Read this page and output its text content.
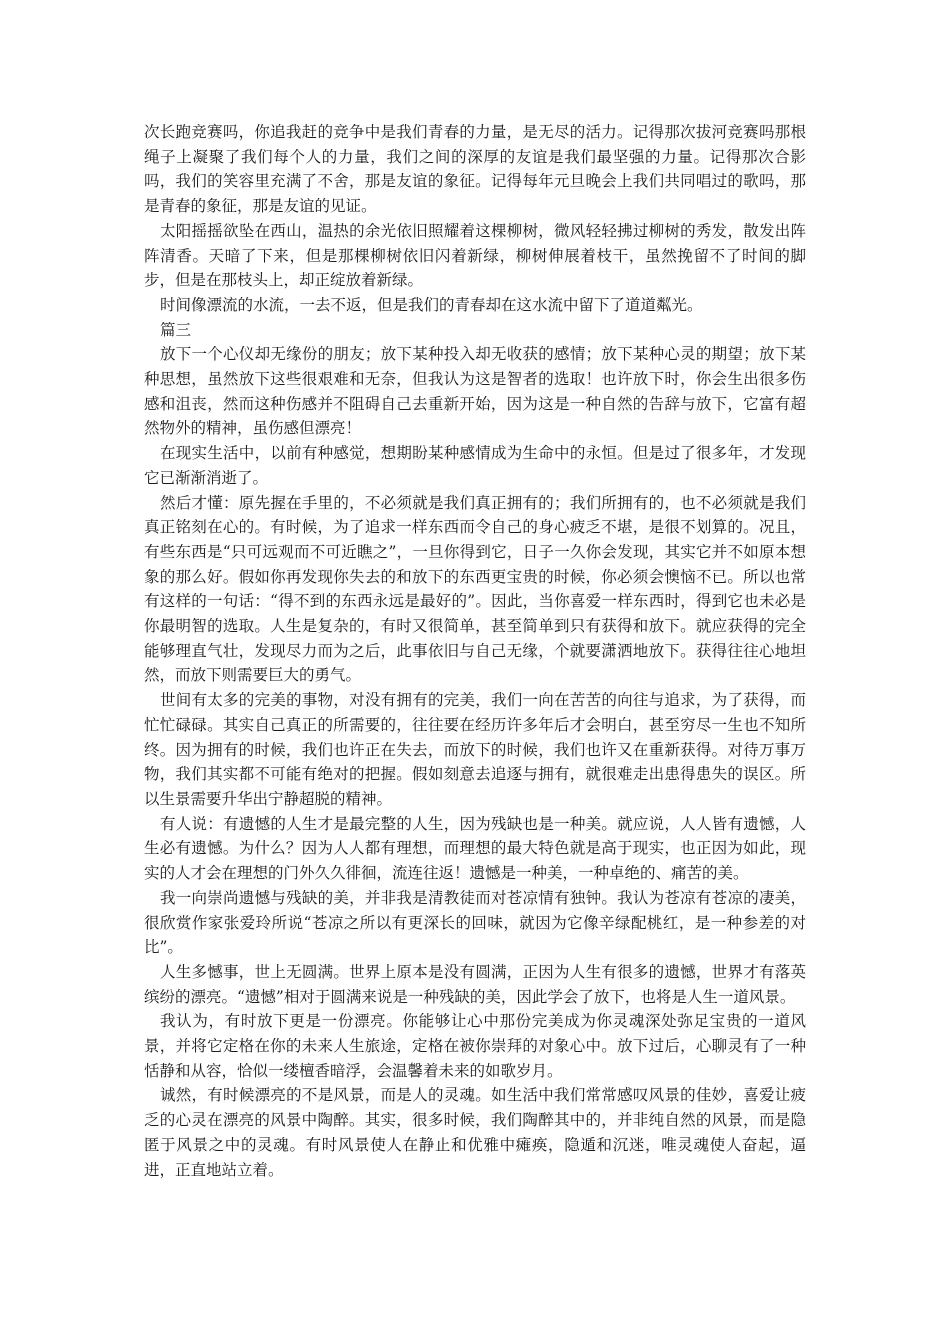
次长跑竞赛吗，你追我赶的竞争中是我们青春的力量，是无尽的活力。记得那次拔河竞赛吗那根绳子上凝聚了我们每个人的力量，我们之间的深厚的友谊是我们最坚强的力量。记得那次合影吗，我们的笑容里充满了不舍，那是友谊的象征。记得每年元旦晚会上我们共同唱过的歌吗，那是青春的象征，那是友谊的见证。

太阳摇摇欲坠在西山，温热的余光依旧照耀着这棵柳树，微风轻轻拂过柳树的秀发，散发出阵阵清香。天暗了下来，但是那棵柳树依旧闪着新绿，柳树伸展着枝干，虽然挽留不了时间的脚步，但是在那枝头上，却正绽放着新绿。

时间像漂流的水流，一去不返，但是我们的青春却在这水流中留下了道道粼光。

篇三

放下一个心仪却无缘份的朋友；放下某种投入却无收获的感情；放下某种心灵的期望；放下某种思想，虽然放下这些很艰难和无奈，但我认为这是智者的选取！也许放下时，你会生出很多伤感和沮丧，然而这种伤感并不阻碍自己去重新开始，因为这是一种自然的告辞与放下，它富有超然物外的精神，虽伤感但漂亮！

在现实生活中，以前有种感觉，想期盼某种感情成为生命中的永恒。但是过了很多年，才发现它已渐渐消逝了。

然后才懂：原先握在手里的，不必须就是我们真正拥有的；我们所拥有的，也不必须就是我们真正铭刻在心的。有时候，为了追求一样东西而令自己的身心疲乏不堪，是很不划算的。况且，有些东西是“只可远观而不可近瞧之”，一旦你得到它，日子一久你会发现，其实它并不如原本想象的那么好。假如你再发现你失去的和放下的东西更宝贵的时候，你必须会懊恼不已。所以也常有这样的一句话：“得不到的东西永远是最好的”。因此，当你喜爱一样东西时，得到它也未必是你最明智的选取。人生是复杂的，有时又很简单，甚至简单到只有获得和放下。就应获得的完全能够理直气壮，发现尽力而为之后，此事依旧与自己无缘，个就要潇洒地放下。获得往往心地坦然，而放下则需要巨大的勇气。

世间有太多的完美的事物，对没有拥有的完美，我们一向在苦苦的向往与追求，为了获得，而忙忙碌碌。其实自己真正的所需要的，往往要在经历许多年后才会明白，甚至穷尽一生也不知所终。因为拥有的时候，我们也许正在失去，而放下的时候，我们也许又在重新获得。对待万事万物，我们其实都不可能有绝对的把握。假如刻意去追逐与拥有，就很难走出患得患失的误区。所以生景需要升华出宁静超脱的精神。

有人说：有遗憾的人生才是最完整的人生，因为残缺也是一种美。就应说，人人皆有遗憾，人生必有遗憾。为什么？因为人人都有理想，而理想的最大特色就是高于现实，也正因为如此，现实的人才会在理想的门外久久徘徊，流连往返！遗憾是一种美，一种卓绝的、痛苦的美。

我一向崇尚遗憾与残缺的美，并非我是清教徒而对苍凉情有独钟。我认为苍凉有苍凉的凄美，很欣赏作家张爱玲所说“苍凉之所以有更深长的回味，就因为它像辛绿配桃红，是一种参差的对比”。

人生多憾事，世上无圆满。世界上原本是没有圆满，正因为人生有很多的遗憾，世界才有落英缤纷的漂亮。“遗憾”相对于圆满来说是一种残缺的美，因此学会了放下，也将是人生一道风景。

我认为，有时放下更是一份漂亮。你能够让心中那份完美成为你灵魂深处弥足宝贵的一道风景，并将它定格在你的未来人生旅途，定格在被你崇拜的对象心中。放下过后，心聊灵有了一种恬静和从容，恰似一缕檀香暗浮，会温馨着未来的如歌岁月。

诚然，有时候漂亮的不是风景，而是人的灵魂。如生活中我们常常感叹风景的佳妙，喜爱让疲乏的心灵在漂亮的风景中陶醉。其实，很多时候，我们陶醉其中的，并非纯自然的风景，而是隐匿于风景之中的灵魂。有时风景使人在静止和优雅中瘫痪，隐遁和沉迷，唯灵魂使人奋起，逼进，正直地站立着。
